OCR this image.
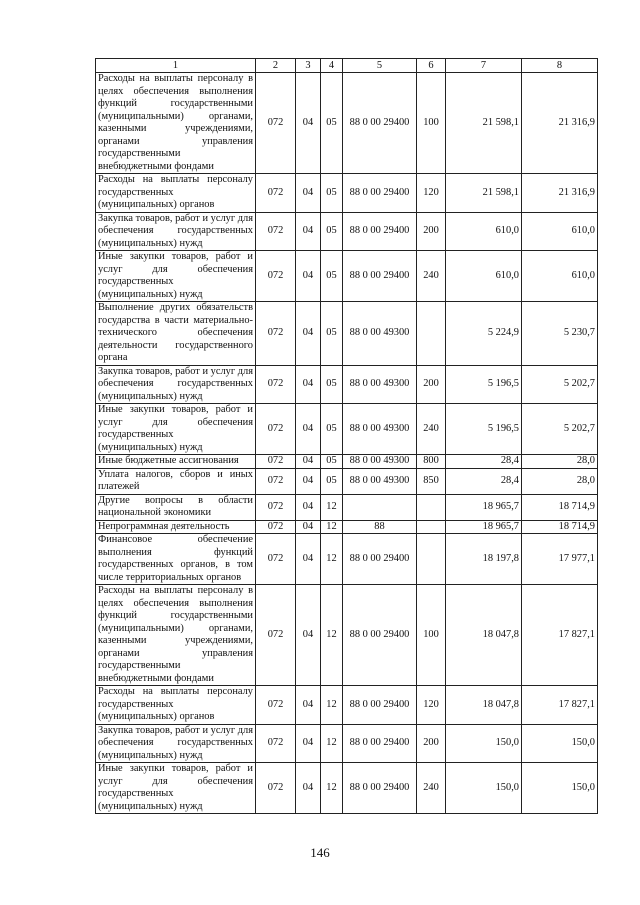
1	2	3	4	5	6	7	8
Расходы на выплаты персоналу в целях обеспечения выполнения функций государственными (муниципальными) органами, казенными учреждениями, органами управления государственными внебюджетными фондами	072	04	05	88 0 00 29400	100	21 598,1	21 316,9
Расходы на выплаты персоналу государственных (муниципальных) органов	072	04	05	88 0 00 29400	120	21 598,1	21 316,9
Закупка товаров, работ и услуг для обеспечения государственных (муниципальных) нужд	072	04	05	88 0 00 29400	200	610,0	610,0
Иные закупки товаров, работ и услуг для обеспечения государственных (муниципальных) нужд	072	04	05	88 0 00 29400	240	610,0	610,0
Выполнение других обязательств государства в части материально-технического обеспечения деятельности государственного органа	072	04	05	88 0 00 49300		5 224,9	5 230,7
Закупка товаров, работ и услуг для обеспечения государственных (муниципальных) нужд	072	04	05	88 0 00 49300	200	5 196,5	5 202,7
Иные закупки товаров, работ и услуг для обеспечения государственных (муниципальных) нужд	072	04	05	88 0 00 49300	240	5 196,5	5 202,7
Иные бюджетные ассигнования	072	04	05	88 0 00 49300	800	28,4	28,0
Уплата налогов, сборов и иных платежей	072	04	05	88 0 00 49300	850	28,4	28,0
Другие вопросы в области национальной экономики	072	04	12			18 965,7	18 714,9
Непрограммная деятельность	072	04	12	88		18 965,7	18 714,9
Финансовое обеспечение выполнения функций государственных органов, в том числе территориальных органов	072	04	12	88 0 00 29400		18 197,8	17 977,1
Расходы на выплаты персоналу в целях обеспечения выполнения функций государственными (муниципальными) органами, казенными учреждениями, органами управления государственными внебюджетными фондами	072	04	12	88 0 00 29400	100	18 047,8	17 827,1
Расходы на выплаты персоналу государственных (муниципальных) органов	072	04	12	88 0 00 29400	120	18 047,8	17 827,1
Закупка товаров, работ и услуг для обеспечения государственных (муниципальных) нужд	072	04	12	88 0 00 29400	200	150,0	150,0
Иные закупки товаров, работ и услуг для обеспечения государственных (муниципальных) нужд	072	04	12	88 0 00 29400	240	150,0	150,0
146
